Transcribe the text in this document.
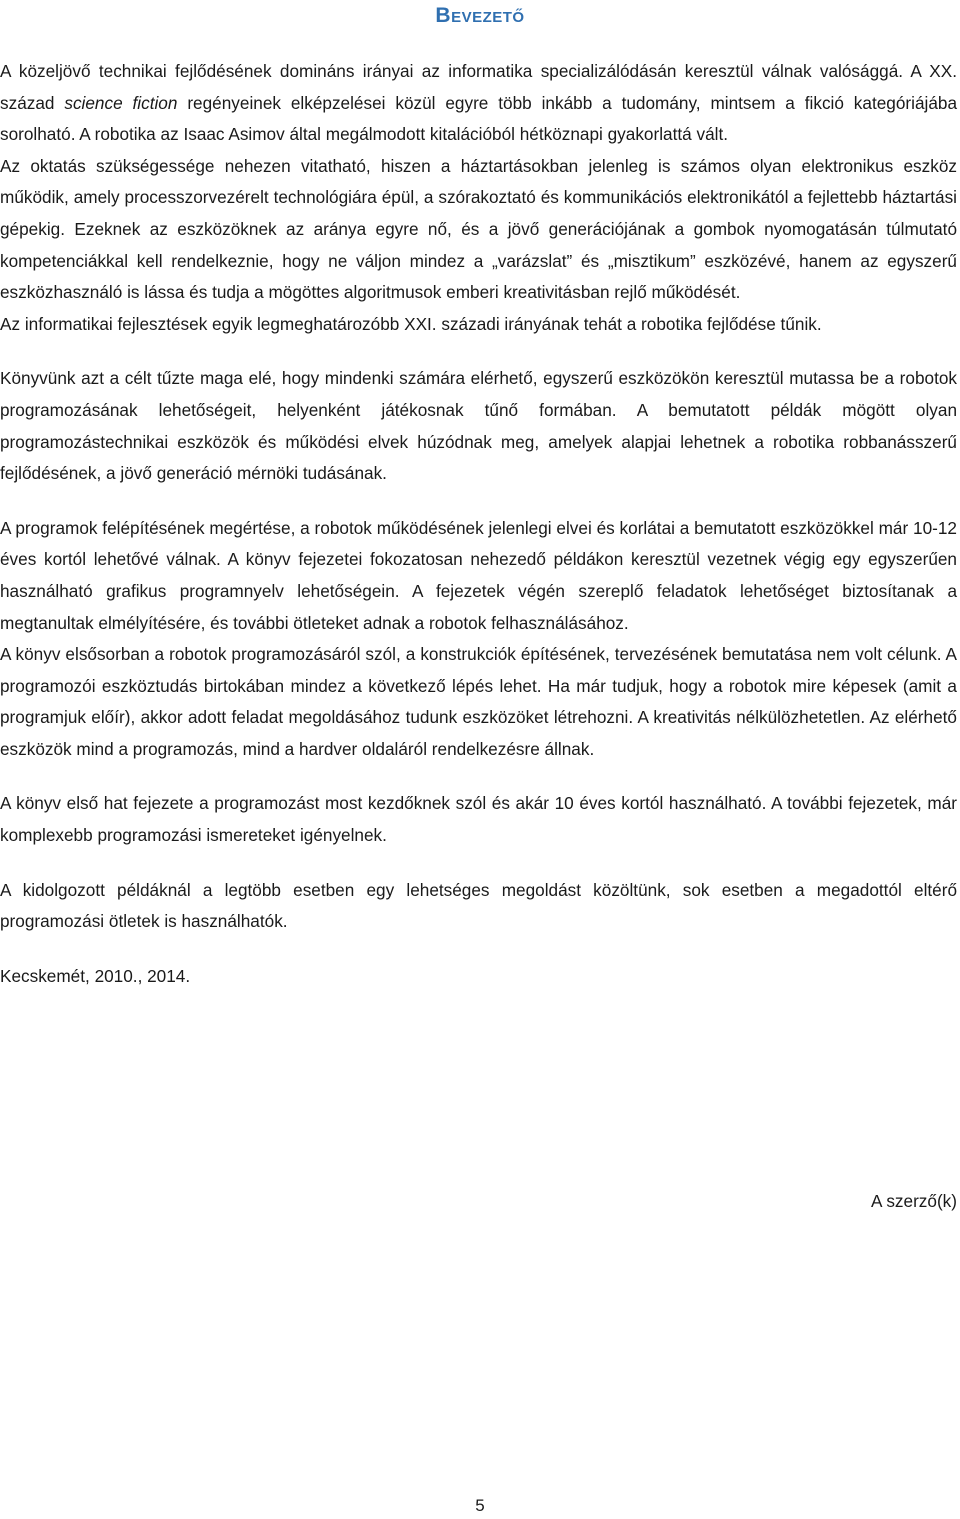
Bevezető

A közeljövő technikai fejlődésének domináns irányai az informatika specializálódásán keresztül válnak valósággá. A XX. század science fiction regényeinek elképzelései közül egyre több inkább a tudomány, mintsem a fikció kategóriájába sorolható. A robotika az Isaac Asimov által megálmodott kitalációból hétköznapi gyakorlattá vált.

Az oktatás szükségessége nehezen vitatható, hiszen a háztartásokban jelenleg is számos olyan elektronikus eszköz működik, amely processzorvezérelt technológiára épül, a szórakoztató és kommunikációs elektronikától a fejlettebb háztartási gépekig. Ezeknek az eszközöknek az aránya egyre nő, és a jövő generációjának a gombok nyomogatásán túlmutató kompetenciákkal kell rendelkeznie, hogy ne váljon mindez a „varázslat” és „misztikum” eszközévé, hanem az egyszerű eszközhasználó is lássa és tudja a mögöttes algoritmusok emberi kreativitásban rejlő működését.

Az informatikai fejlesztések egyik legmeghatározóbb XXI. századi irányának tehát a robotika fejlődése tűnik.

Könyvünk azt a célt tűzte maga elé, hogy mindenki számára elérhető, egyszerű eszközökön keresztül mutassa be a robotok programozásának lehetőségeit, helyenként játékosnak tűnő formában. A bemutatott példák mögött olyan programozástechnikai eszközök és működési elvek húzódnak meg, amelyek alapjai lehetnek a robotika robbanásszerű fejlődésének, a jövő generáció mérnöki tudásának.

A programok felépítésének megértése, a robotok működésének jelenlegi elvei és korlátai a bemutatott eszközökkel már 10-12 éves kortól lehetővé válnak. A könyv fejezetei fokozatosan nehezedő példákon keresztül vezetnek végig egy egyszerűen használható grafikus programnyelv lehetőségein. A fejezetek végén szereplő feladatok lehetőséget biztosítanak a megtanultak elmélyítésére, és további ötleteket adnak a robotok felhasználásához.

A könyv elsősorban a robotok programozásáról szól, a konstrukciók építésének, tervezésének bemutatása nem volt célunk. A programozói eszköztudás birtokában mindez a következő lépés lehet. Ha már tudjuk, hogy a robotok mire képesek (amit a programjuk előír), akkor adott feladat megoldásához tudunk eszközöket létrehozni. A kreativitás nélkülözhetetlen. Az elérhető eszközök mind a programozás, mind a hardver oldaláról rendelkezésre állnak.

A könyv első hat fejezete a programozást most kezdőknek szól és akár 10 éves kortól használható. A további fejezetek, már komplexebb programozási ismereteket igényelnek.

A kidolgozott példáknál a legtöbb esetben egy lehetséges megoldást közöltünk, sok esetben a megadottól eltérő programozási ötletek is használhatók.

Kecskemét, 2010., 2014.

A szerző(k)
5
